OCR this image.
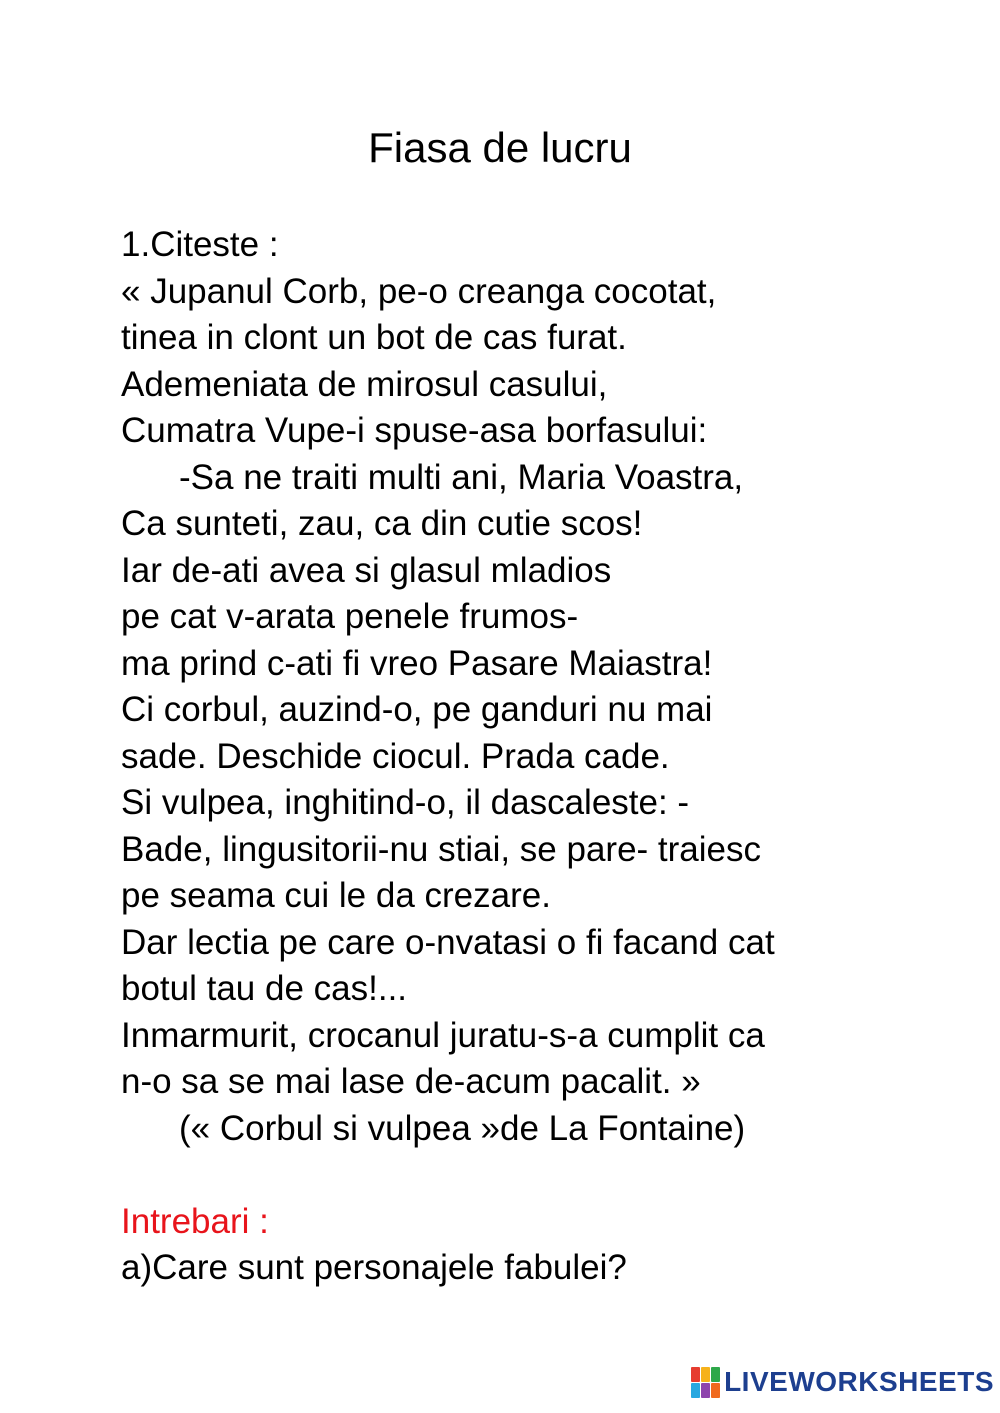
Fiasa de lucru
1.Citeste :
« Jupanul Corb, pe-o creanga cocotat,
tinea in clont un bot de cas furat.
Ademeniata de mirosul casului,
Cumatra Vupe-i spuse-asa borfasului:
-Sa ne traiti multi ani, Maria Voastra,
Ca sunteti, zau, ca din cutie scos!
Iar de-ati avea si glasul mladios
pe cat v-arata penele frumos-
ma prind c-ati fi vreo Pasare Maiastra!
Ci corbul, auzind-o, pe ganduri nu mai
sade. Deschide ciocul. Prada cade.
Si vulpea, inghitind-o, il dascaleste: -
Bade, lingusitorii-nu stiai, se pare- traiesc
pe seama cui le da crezare.
Dar lectia pe care o-nvatasi o fi facand cat
botul tau de cas!...
Inmarmurit, crocanul juratu-s-a cumplit ca
n-o sa se mai lase de-acum pacalit. »
(« Corbul si vulpea »de La Fontaine)
Intrebari :
a)Care sunt personajele fabulei?
LIVEWORKSHEETS
